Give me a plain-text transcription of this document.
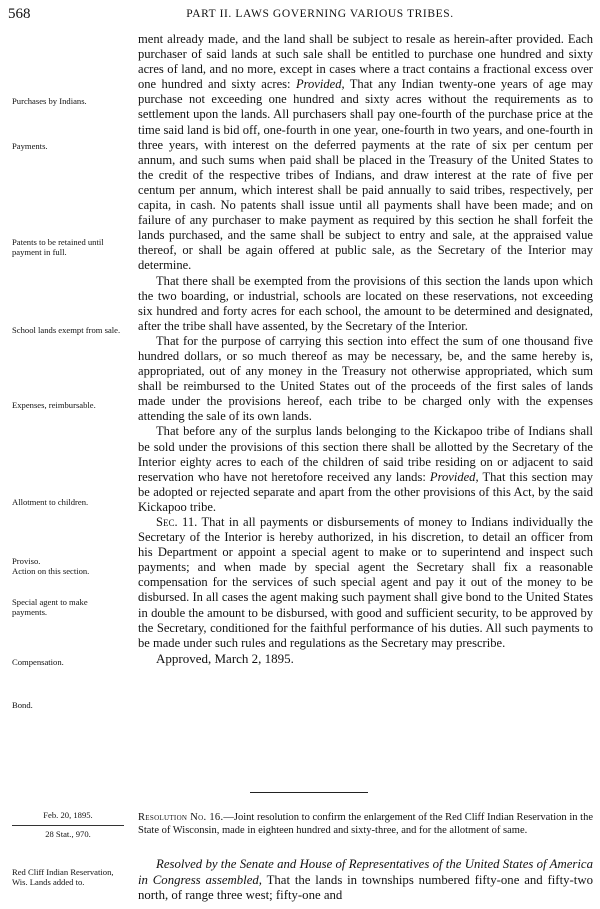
568	PART II. LAWS GOVERNING VARIOUS TRIBES.
Purchases by Indians.
Payments.
Patents to be retained until payment in full.
School lands exempt from sale.
Expenses, reimbursable.
Allotment to children.
Proviso.
Action on this section.
Special agent to make payments.
Compensation.
Bond.

ment already made, and the land shall be subject to resale as herein-after provided. Each purchaser of said lands at such sale shall be entitled to purchase one hundred and sixty acres of land, and no more, except in cases where a tract contains a fractional excess over one hundred and sixty acres: Provided, That any Indian twenty-one years of age may purchase not exceeding one hundred and sixty acres without the requirements as to settlement upon the lands. All purchasers shall pay one-fourth of the purchase price at the time said land is bid off, one-fourth in one year, one-fourth in two years, and one-fourth in three years, with interest on the deferred payments at the rate of six per centum per annum, and such sums when paid shall be placed in the Treasury of the United States to the credit of the respective tribes of Indians, and draw interest at the rate of five per centum per annum, which interest shall be paid annually to said tribes, respectively, per capita, in cash. No patents shall issue until all payments shall have been made; and on failure of any purchaser to make payment as required by this section he shall forfeit the lands purchased, and the same shall be subject to entry and sale, at the appraised value thereof, or shall be again offered at public sale, as the Secretary of the Interior may determine.

That there shall be exempted from the provisions of this section the lands upon which the two boarding, or industrial, schools are located on these reservations, not exceeding six hundred and forty acres for each school, the amount to be determined and designated, after the tribe shall have assented, by the Secretary of the Interior.

That for the purpose of carrying this section into effect the sum of one thousand five hundred dollars, or so much thereof as may be necessary, be, and the same hereby is, appropriated, out of any money in the Treasury not otherwise appropriated, which sum shall be reimbursed to the United States out of the proceeds of the first sales of lands made under the provisions hereof, each tribe to be charged only with the expenses attending the sale of its own lands.

That before any of the surplus lands belonging to the Kickapoo tribe of Indians shall be sold under the provisions of this section there shall be allotted by the Secretary of the Interior eighty acres to each of the children of said tribe residing on or adjacent to said reservation who have not heretofore received any lands: Provided, That this section may be adopted or rejected separate and apart from the other provisions of this Act, by the said Kickapoo tribe.

Sec. 11. That in all payments or disbursements of money to Indians individually the Secretary of the Interior is hereby authorized, in his discretion, to detail an officer from his Department or appoint a special agent to make or to superintend and inspect such payments; and when made by special agent the Secretary shall fix a reasonable compensation for the services of such special agent and pay it out of the money to be disbursed. In all cases the agent making such payment shall give bond to the United States in double the amount to be disbursed, with good and sufficient security, to be approved by the Secretary, conditioned for the faithful performance of his duties. All such payments to be made under such rules and regulations as the Secretary may prescribe.

Approved, March 2, 1895.

Feb. 20, 1895.
28 Stat., 970.
Resolution No. 16.—Joint resolution to confirm the enlargement of the Red Cliff Indian Reservation in the State of Wisconsin, made in eighteen hundred and sixty-three, and for the allotment of same.
Red Cliff Indian Reservation, Wis. Lands added to.
Resolved by the Senate and House of Representatives of the United States of America in Congress assembled, That the lands in townships numbered fifty-one and fifty-two north, of range three west; fifty-one and
